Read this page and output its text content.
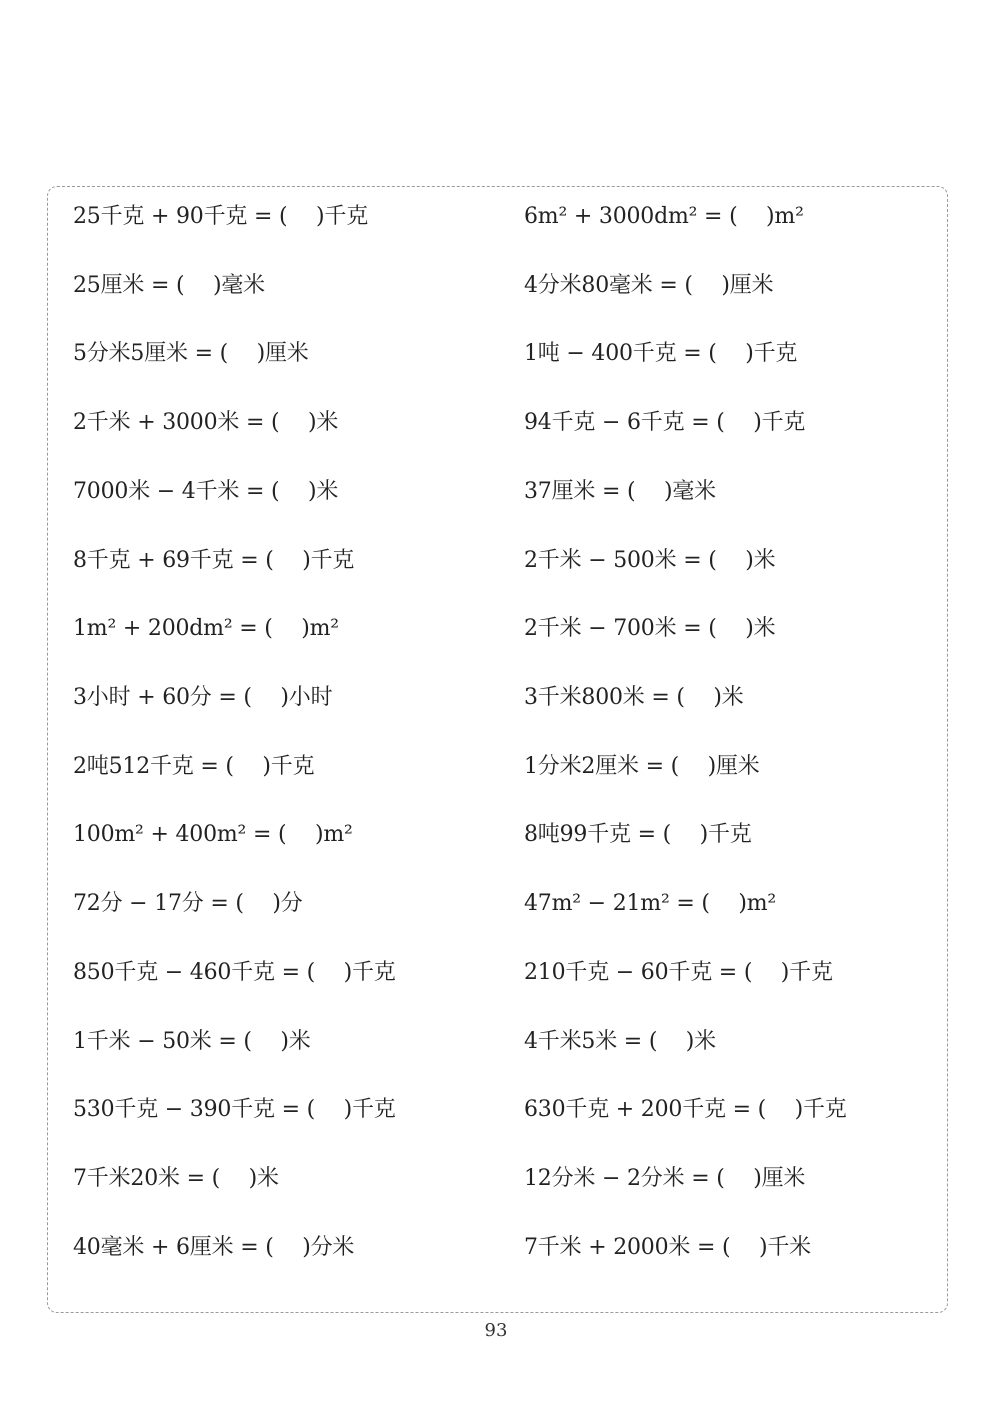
25千克 + 90千克 = (　 )千克	6m² + 3000dm² = (　 )m²
25厘米 = (　 )毫米	4分米80毫米 = (　 )厘米
5分米5厘米 = (　 )厘米	1吨 − 400千克 = (　 )千克
2千米 + 3000米 = (　 )米	94千克 − 6千克 = (　 )千克
7000米 − 4千米 = (　 )米	37厘米 = (　 )毫米
8千克 + 69千克 = (　 )千克	2千米 − 500米 = (　 )米
1m² + 200dm² = (　 )m²	2千米 − 700米 = (　 )米
3小时 + 60分 = (　 )小时	3千米800米 = (　 )米
2吨512千克 = (　 )千克	1分米2厘米 = (　 )厘米
100m² + 400m² = (　 )m²	8吨99千克 = (　 )千克
72分 − 17分 = (　 )分	47m² − 21m² = (　 )m²
850千克 − 460千克 = (　 )千克	210千克 − 60千克 = (　 )千克
1千米 − 50米 = (　 )米	4千米5米 = (　 )米
530千克 − 390千克 = (　 )千克	630千克 + 200千克 = (　 )千克
7千米20米 = (　 )米	12分米 − 2分米 = (　 )厘米
40毫米 + 6厘米 = (　 )分米	7千米 + 2000米 = (　 )千米
93
